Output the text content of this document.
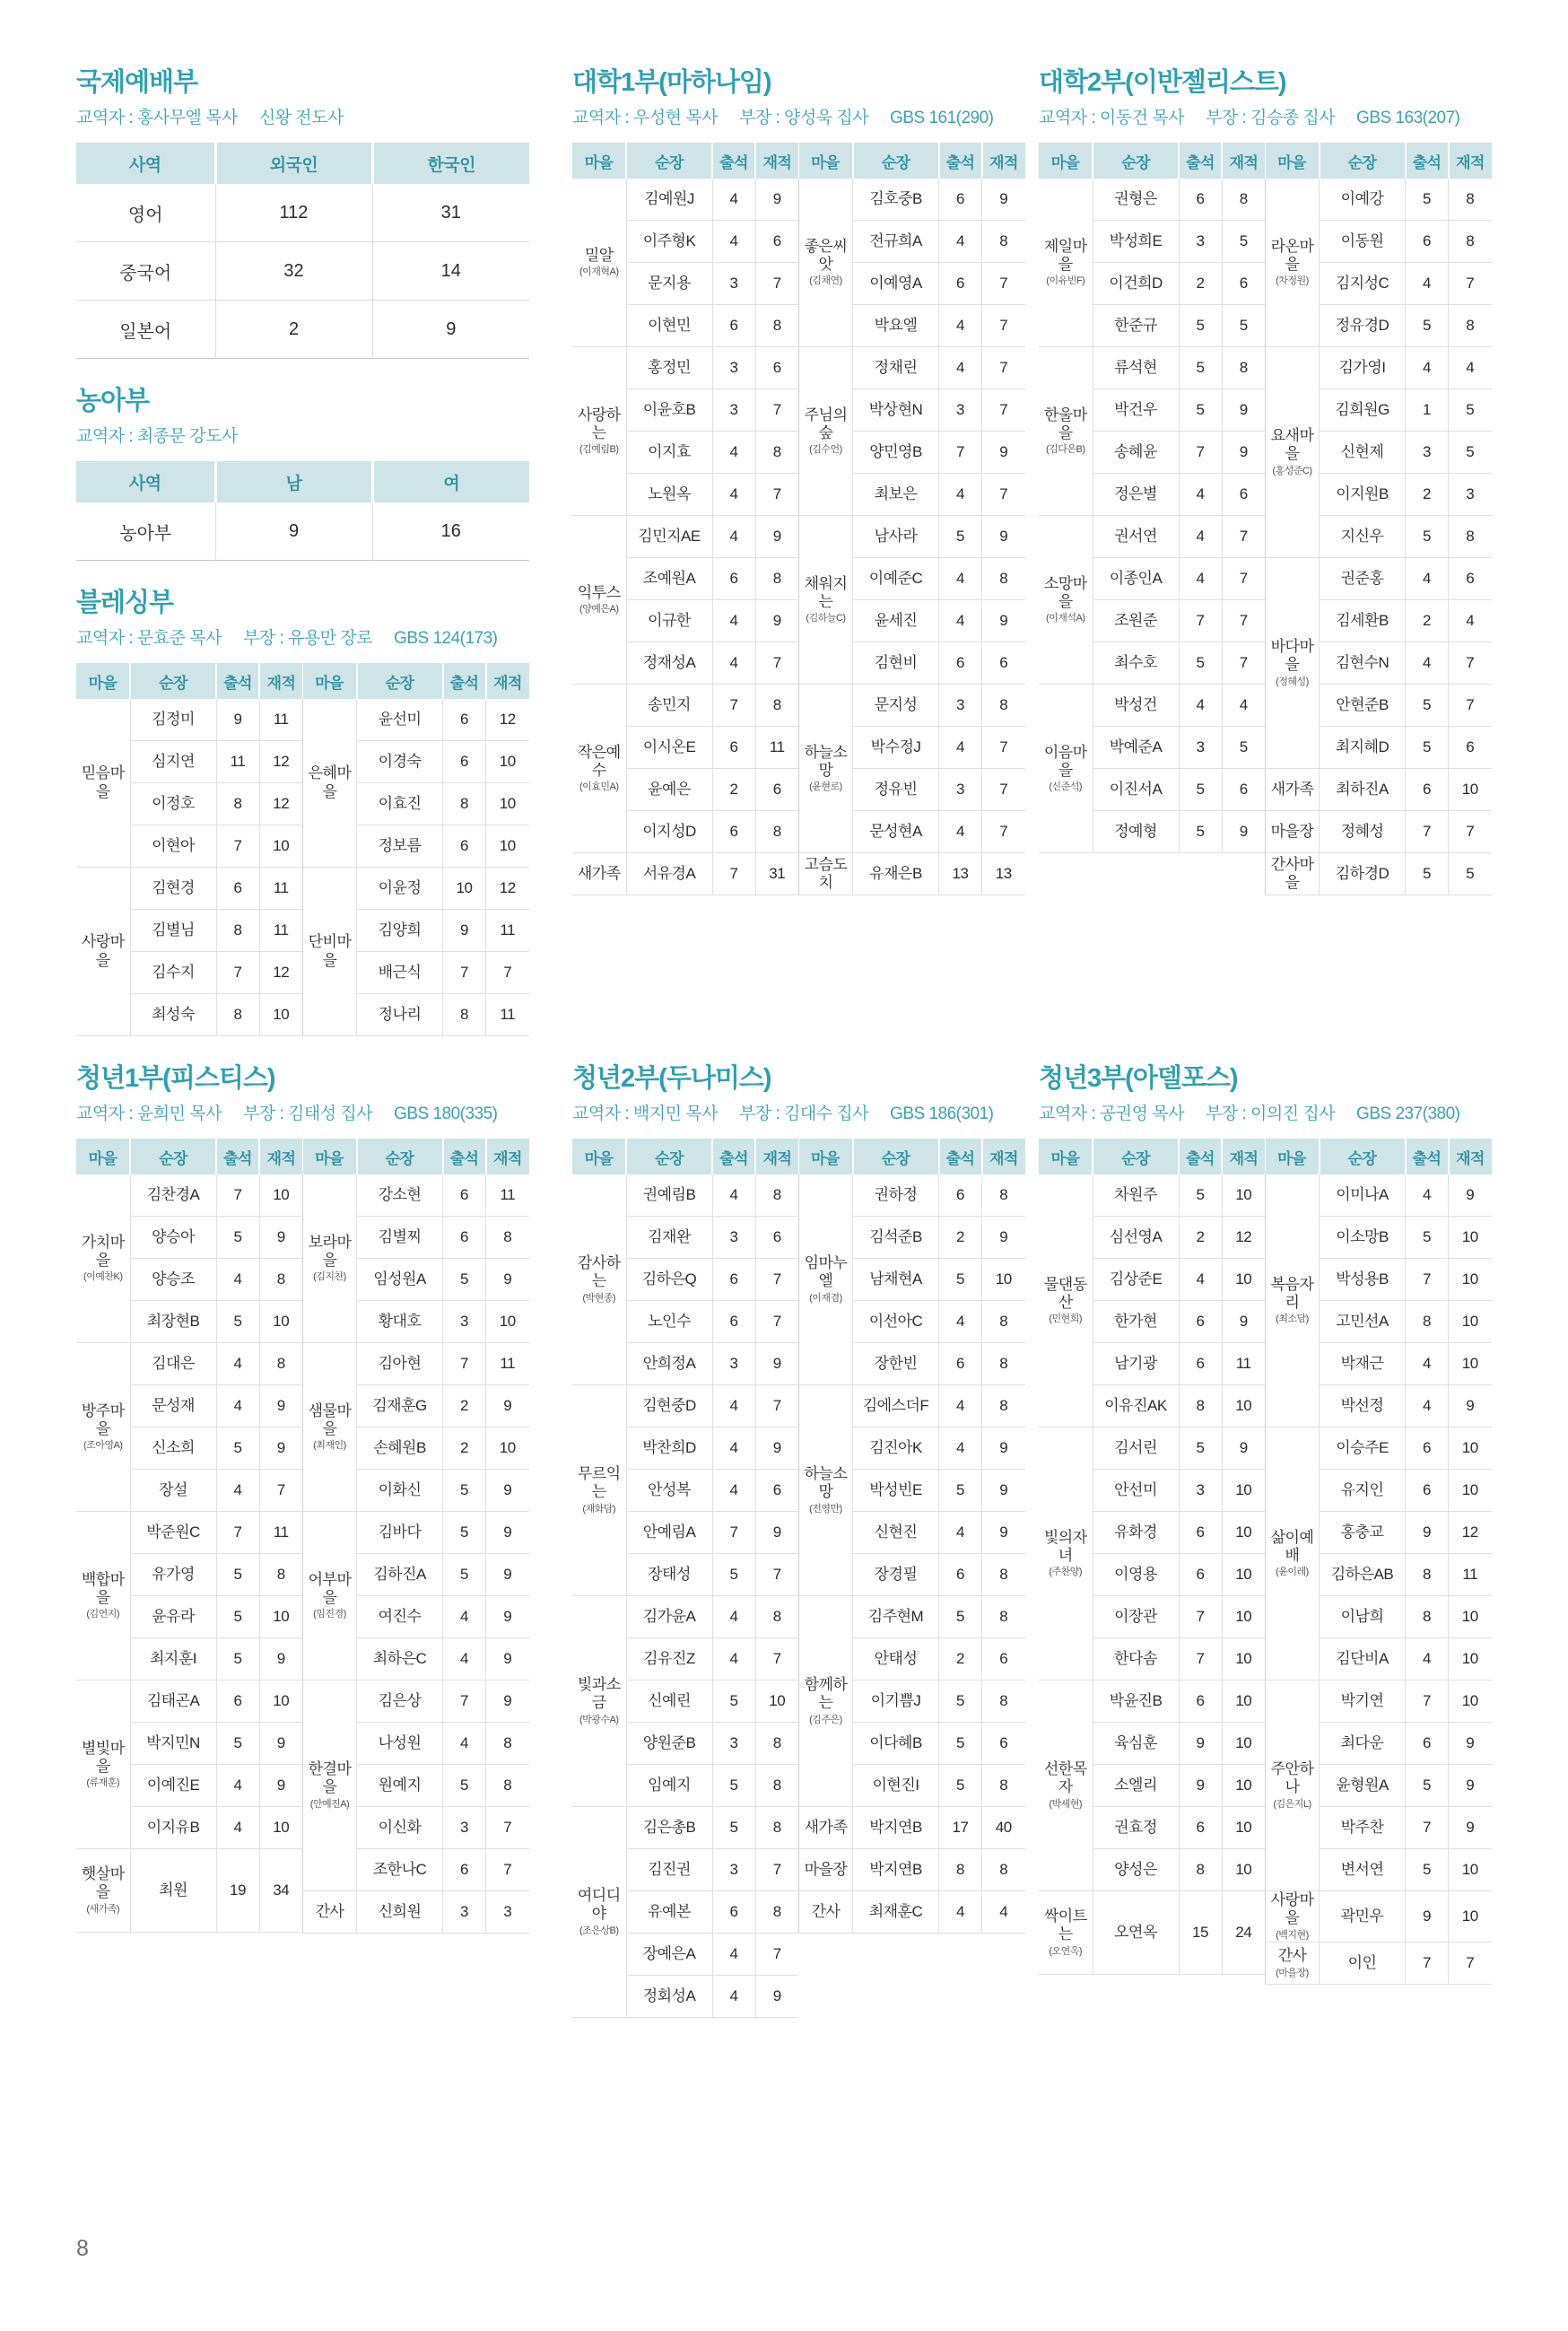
국제예배부
교역자 : 홍사무엘 목사 신왕 전도사
사역	외국인	한국인
영어	112	31
중국어	32	14
일본어	2	9
농아부
교역자 : 최종문 강도사
사역	남	여
농아부	9	16
블레싱부
교역자 : 문효준 목사 부장 : 유용만 장로 GBS 124(173)
마을	순장	출석	재적

믿음마을	김정미	9	11
	심지연	11	12
	이정호	8	12
	이현아	7	10

사랑마을	김현경	6	11
	김별님	8	11
	김수지	7	12
	최성숙	8	10
마을	순장	출석	재적

은혜마을	윤선미	6	12
	이경숙	6	10
	이효진	8	10
	정보름	6	10

단비마을	이윤정	10	12
	김양희	9	11
	배근식	7	7
	정나리	8	11
대학1부(마하나임)
교역자 : 우성현 목사 부장 : 양성욱 집사 GBS 161(290)
마을	순장	출석	재적

밀알
(이재혁A)	김예원J	4	9
	이주형K	4	6
	문지용	3	7
	이현민	6	8

사랑하는
(김예림B)	홍정민	3	6
	이윤호B	3	7
	이지효	4	8
	노원옥	4	7

익투스
(양예은A)	김민지AE	4	9
	조예원A	6	8
	이규한	4	9
	정재성A	4	7

작은예수
(이효민A)	송민지	7	8
	이시온E	6	11
	윤예은	2	6
	이지성D	6	8

새가족	서유경A	7	31
마을	순장	출석	재적

좋은씨앗
(김채연)	김호중B	6	9
	전규희A	4	8
	이예영A	6	7
	박요엘	4	7

주님의숲
(김수언)	정채린	4	7
	박상현N	3	7
	양민영B	7	9
	최보은	4	7

채워지는
(김하늘C)	남사라	5	9
	이예준C	4	8
	윤세진	4	9
	김현비	6	6

하늘소망
(윤현로)	문지성	3	8
	박수정J	4	7
	정유빈	3	7
	문성현A	4	7

고슴도치	유재은B	13	13
대학2부(이반젤리스트)
교역자 : 이동건 목사 부장 : 김승종 집사 GBS 163(207)
마을	순장	출석	재적

제일마을
(이유빈F)	권형은	6	8
	박성희E	3	5
	이건희D	2	6
	한준규	5	5

한울마을
(김다은B)	류석현	5	8
	박건우	5	9
	송혜윤	7	9
	정은별	4	6

소망마을
(이재석A)	권서연	4	7
	이종인A	4	7
	조원준	7	7
	최수호	5	7

이음마을
(신준석)	박성건	4	4
	박예준A	3	5
	이진서A	5	6
	정예형	5	9
마을	순장	출석	재적

라온마을
(차정원)	이예강	5	8
	이동원	6	8
	김지성C	4	7
	정유경D	5	8

요새마을
(홍성준C)	김가영I	4	4
	김희원G	1	5
	신현제	3	5
	이지원B	2	3
	지신우	5	8

바다마을
(정혜성)	권준홍	4	6
	김세환B	2	4
	김현수N	4	7
	안현준B	5	7
	최지혜D	5	6

새가족	최하진A	6	10

마을장	정혜성	7	7

간사마을	김하경D	5	5
청년1부(피스티스)
교역자 : 윤희민 목사 부장 : 김태성 집사 GBS 180(335)
마을	순장	출석	재적

가치마을
(이예찬K)	김찬경A	7	10
	양승아	5	9
	양승조	4	8
	최장현B	5	10

방주마을
(조아영A)	김대은	4	8
	문성재	4	9
	신소희	5	9
	장설	4	7

백합마을
(김연지)	박준원C	7	11
	유가영	5	8
	윤유라	5	10
	최지훈I	5	9

별빛마을
(류재훈)	김태곤A	6	10
	박지민N	5	9
	이예진E	4	9
	이지유B	4	10

햇살마을
(새가족)	최원	19	34
마을	순장	출석	재적

보라마을
(김지찬)	강소현	6	11
	김별찌	6	8
	임성원A	5	9
	황대호	3	10

샘물마을
(최재인)	김아현	7	11
	김재훈G	2	9
	손혜원B	2	10
	이화신	5	9

어부마을
(임진경)	김바다	5	9
	김하진A	5	9
	여진수	4	9
	최하은C	4	9

한결마을
(안예진A)	김은상	7	9
	나성원	4	8
	원예지	5	8
	이신화	3	7
	조한나C	6	7

간사	신희원	3	3
청년2부(두나미스)
교역자 : 백지민 목사 부장 : 김대수 집사 GBS 186(301)
마을	순장	출석	재적

감사하는
(박현종)	권예림B	4	8
	김재완	3	6
	김하은Q	6	7
	노인수	6	7
	안희정A	3	9

무르익는
(채화담)	김현중D	4	7
	박찬희D	4	9
	안성복	4	6
	안예림A	7	9
	장태성	5	7

빛과소금
(박광수A)	김가윤A	4	8
	김유진Z	4	7
	신예린	5	10
	양원준B	3	8
	임예지	5	8

여디디야
(조은상B)	김은총B	5	8
	김진권	3	7
	유예본	6	8
	장예은A	4	7
	정회성A	4	9
마을	순장	출석	재적

임마누엘
(이재겸)	권하정	6	8
	김석준B	2	9
	남채현A	5	10
	이선아C	4	8
	장한빈	6	8

하늘소망
(전영만)	김에스더F	4	8
	김진아K	4	9
	박성빈E	5	9
	신현진	4	9
	장경필	6	8

함께하는
(김주은)	김주현M	5	8
	안태성	2	6
	이기쁨J	5	8
	이다혜B	5	6
	이현진I	5	8

새가족	박지연B	17	40

마을장	박지연B	8	8

간사	최재훈C	4	4
청년3부(아델포스)
교역자 : 공권영 목사 부장 : 이의진 집사 GBS 237(380)
마을	순장	출석	재적

물댄동산
(민현희)	차원주	5	10
	심선영A	2	12
	김상준E	4	10
	한가현	6	9
	남기광	6	11
	이유진AK	8	10

빛의자녀
(주찬양)	김서린	5	9
	안선미	3	10
	유화경	6	10
	이영용	6	10
	이장관	7	10
	한다솜	7	10

선한목자
(박세현)	박윤진B	6	10
	육심훈	9	10
	소엘리	9	10
	권효정	6	10
	양성은	8	10

싹이트는
(오연옥)	오연옥	15	24
마을	순장	출석	재적

복음자리
(최소담)	이미나A	4	9
	이소망B	5	10
	박성용B	7	10
	고민선A	8	10
	박재근	4	10
	박선정	4	9

삶이예배
(윤이레)	이승주E	6	10
	유지인	6	10
	홍충교	9	12
	김하은AB	8	11
	이남희	8	10
	김단비A	4	10

주안하나
(김은지L)	박기연	7	10
	최다운	6	9
	윤형원A	5	9
	박주찬	7	9
	변서연	5	10

사랑마을
(백지현)	곽민우	9	10

간사
(마을장)	이인	7	7
8
